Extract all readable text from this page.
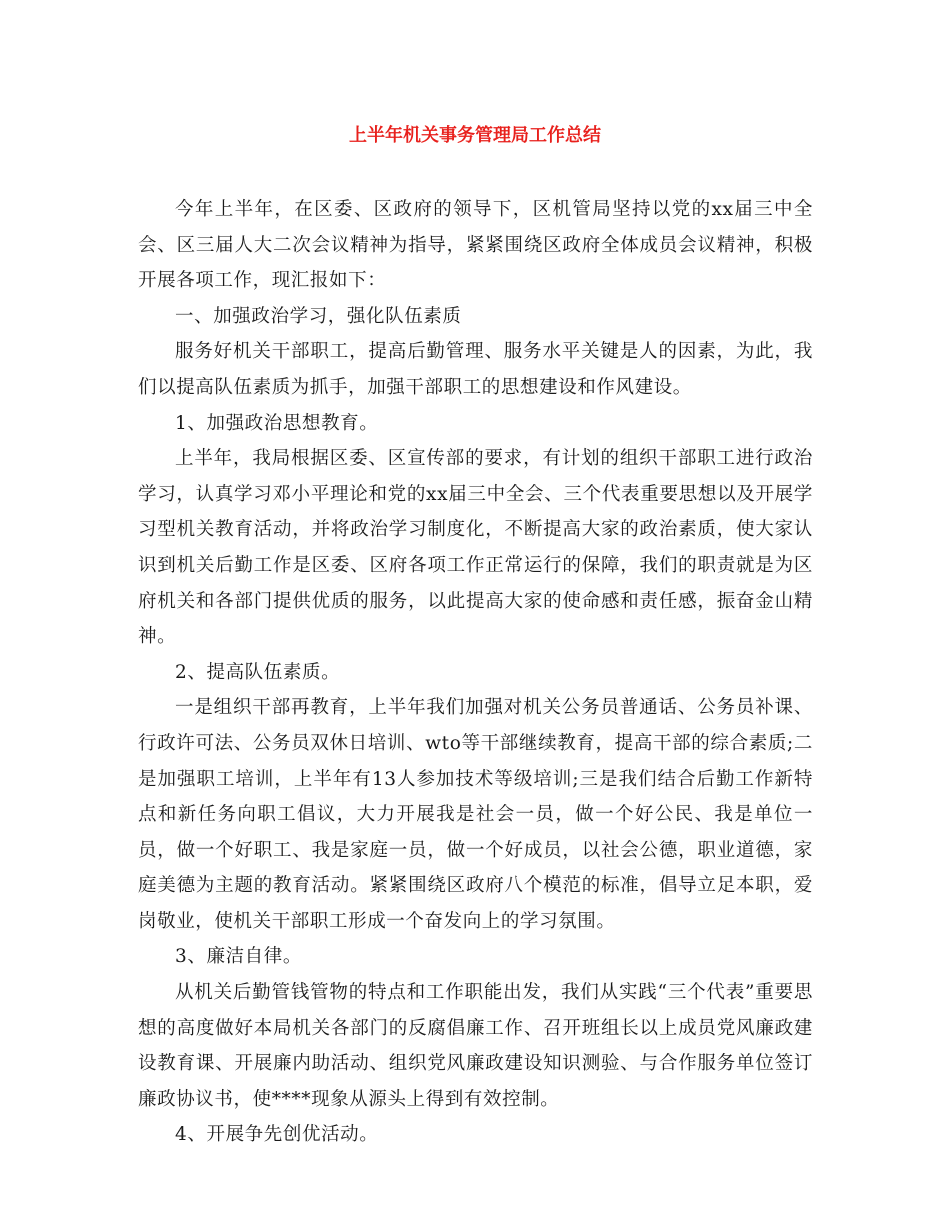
上半年机关事务管理局工作总结

今年上半年，在区委、区政府的领导下，区机管局坚持以党的xx届三中全会、区三届人大二次会议精神为指导，紧紧围绕区政府全体成员会议精神，积极开展各项工作，现汇报如下：

一、加强政治学习，强化队伍素质

服务好机关干部职工，提高后勤管理、服务水平关键是人的因素，为此，我们以提高队伍素质为抓手，加强干部职工的思想建设和作风建设。

1、加强政治思想教育。

上半年，我局根据区委、区宣传部的要求，有计划的组织干部职工进行政治学习，认真学习邓小平理论和党的xx届三中全会、三个代表重要思想以及开展学习型机关教育活动，并将政治学习制度化，不断提高大家的政治素质，使大家认识到机关后勤工作是区委、区府各项工作正常运行的保障，我们的职责就是为区府机关和各部门提供优质的服务，以此提高大家的使命感和责任感，振奋金山精神。

2、提高队伍素质。

一是组织干部再教育，上半年我们加强对机关公务员普通话、公务员补课、行政许可法、公务员双休日培训、wto等干部继续教育，提高干部的综合素质;二是加强职工培训，上半年有13人参加技术等级培训;三是我们结合后勤工作新特点和新任务向职工倡议，大力开展我是社会一员，做一个好公民、我是单位一员，做一个好职工、我是家庭一员，做一个好成员，以社会公德，职业道德，家庭美德为主题的教育活动。紧紧围绕区政府八个模范的标准，倡导立足本职，爱岗敬业，使机关干部职工形成一个奋发向上的学习氛围。

3、廉洁自律。

从机关后勤管钱管物的特点和工作职能出发，我们从实践“三个代表”重要思想的高度做好本局机关各部门的反腐倡廉工作、召开班组长以上成员党风廉政建设教育课、开展廉内助活动、组织党风廉政建设知识测验、与合作服务单位签订廉政协议书，使****现象从源头上得到有效控制。

4、开展争先创优活动。
